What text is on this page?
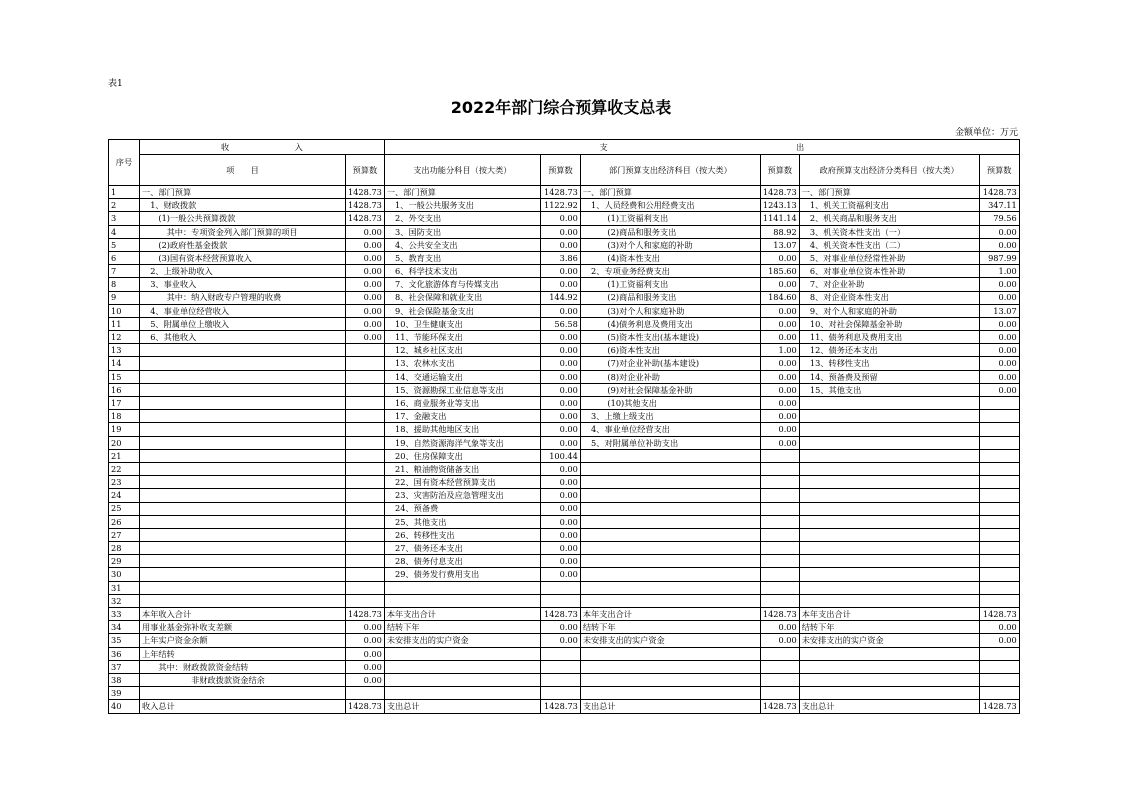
表1
2022年部门综合预算收支总表
金额单位：万元
序号	收　　　　　　　　入		支　　　　　　　　　　　　　　　　　　　　　　　出					
	项　　目	预算数	支出功能分科目（按大类）	预算数	部门预算支出经济科目（按大类）	预算数	政府预算支出经济分类科目（按大类）	预算数
1	一、部门预算	1428.73	一、部门预算	1428.73	一、部门预算	1428.73	一、部门预算	1428.73
2	　1、财政拨款	1428.73	　1、一般公共服务支出	1122.92	　1、人员经费和公用经费支出	1243.13	　1、机关工资福利支出	347.11
3	　　(1)一般公共预算拨款	1428.73	　2、外交支出	0.00	　　　(1)工资福利支出	1141.14	　2、机关商品和服务支出	79.56
4	　　　其中：专项资金列入部门预算的项目	0.00	　3、国防支出	0.00	　　　(2)商品和服务支出	88.92	　3、机关资本性支出（一）	0.00
5	　　(2)政府性基金拨款	0.00	　4、公共安全支出	0.00	　　　(3)对个人和家庭的补助	13.07	　4、机关资本性支出（二）	0.00
6	　　(3)国有资本经营预算收入	0.00	　5、教育支出	3.86	　　　(4)资本性支出	0.00	　5、对事业单位经常性补助	987.99
7	　2、上级补助收入	0.00	　6、科学技术支出	0.00	　2、专项业务经费支出	185.60	　6、对事业单位资本性补助	1.00
8	　3、事业收入	0.00	　7、文化旅游体育与传媒支出	0.00	　　　(1)工资福利支出	0.00	　7、对企业补助	0.00
9	　　　其中：纳入财政专户管理的收费	0.00	　8、社会保障和就业支出	144.92	　　　(2)商品和服务支出	184.60	　8、对企业资本性支出	0.00
10	　4、事业单位经营收入	0.00	　9、社会保险基金支出	0.00	　　　(3)对个人和家庭补助	0.00	　9、对个人和家庭的补助	13.07
11	　5、附属单位上缴收入	0.00	　10、卫生健康支出	56.58	　　　(4)债务利息及费用支出	0.00	　10、对社会保障基金补助	0.00
12	　6、其他收入	0.00	　11、节能环保支出	0.00	　　　(5)资本性支出(基本建设)	0.00	　11、债务利息及费用支出	0.00
13			　12、城乡社区支出	0.00	　　　(6)资本性支出	1.00	　12、债务还本支出	0.00
14			　13、农林水支出	0.00	　　　(7)对企业补助(基本建设)	0.00	　13、转移性支出	0.00
15			　14、交通运输支出	0.00	　　　(8)对企业补助	0.00	　14、预备费及预留	0.00
16			　15、资源勘探工业信息等支出	0.00	　　　(9)对社会保障基金补助	0.00	　15、其他支出	0.00
17			　16、商业服务业等支出	0.00	　　　(10)其他支出	0.00		
18			　17、金融支出	0.00	　3、上缴上级支出	0.00		
19			　18、援助其他地区支出	0.00	　4、事业单位经营支出	0.00		
20			　19、自然资源海洋气象等支出	0.00	　5、对附属单位补助支出	0.00		
21			　20、住房保障支出	100.44				
22			　21、粮油物资储备支出	0.00				
23			　22、国有资本经营预算支出	0.00				
24			　23、灾害防治及应急管理支出	0.00				
25			　24、预备费	0.00				
26			　25、其他支出	0.00				
27			　26、转移性支出	0.00				
28			　27、债务还本支出	0.00				
29			　28、债务付息支出	0.00				
30			　29、债务发行费用支出	0.00				
31								
32								
33	本年收入合计	1428.73	本年支出合计	1428.73	本年支出合计	1428.73	本年支出合计	1428.73
34	用事业基金弥补收支差额	0.00	结转下年	0.00	结转下年	0.00	结转下年	0.00
35	上年实户资金余额	0.00	未安排支出的实户资金	0.00	未安排支出的实户资金	0.00	未安排支出的实户资金	0.00
36	上年结转	0.00						
37	　　其中：财政拨款资金结转	0.00						
38	　　　　　　非财政拨款资金结余	0.00						
39								
40	收入总计	1428.73	支出总计	1428.73	支出总计	1428.73	支出总计	1428.73
